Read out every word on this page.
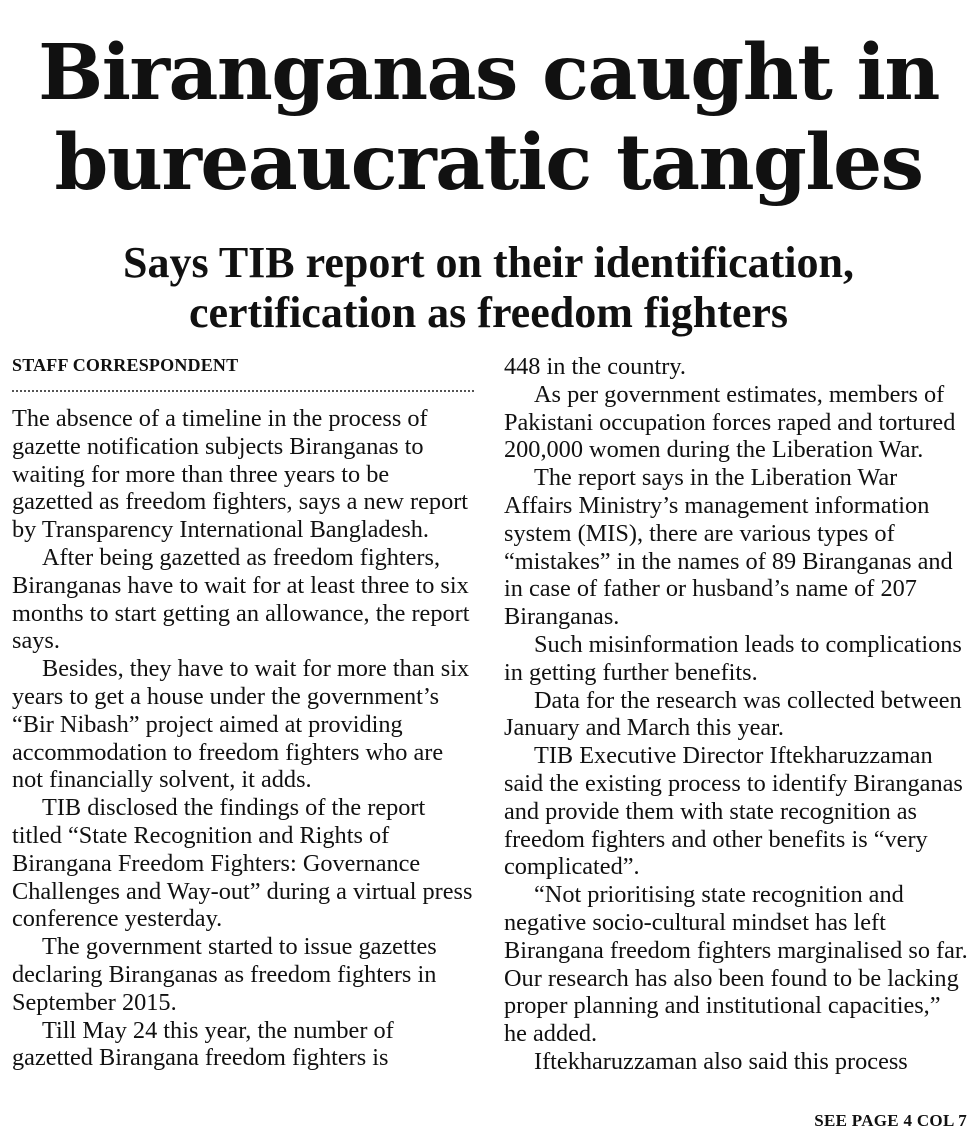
Biranganas caught in
bureaucratic tangles
Says TIB report on their identification,
certification as freedom fighters
STAFF CORRESPONDENT

The absence of a timeline in the process of gazette notification subjects Biranganas to waiting for more than three years to be gazetted as freedom fighters, says a new report by Transparency International Bangladesh.

After being gazetted as freedom fighters, Biranganas have to wait for at least three to six months to start getting an allowance, the report says.

Besides, they have to wait for more than six years to get a house under the government’s “Bir Nibash” project aimed at providing accommodation to freedom fighters who are not financially solvent, it adds.

TIB disclosed the findings of the report titled “State Recognition and Rights of Birangana Freedom Fighters: Governance Challenges and Way-out” during a virtual press conference yesterday.

The government started to issue gazettes declaring Biranganas as freedom fighters in September 2015.

Till May 24 this year, the number of gazetted Birangana freedom fighters is

448 in the country.

As per government estimates, members of Pakistani occupation forces raped and tortured 200,000 women during the Liberation War.

The report says in the Liberation War Affairs Ministry’s management information system (MIS), there are various types of “mistakes” in the names of 89 Biranganas and in case of father or husband’s name of 207 Biranganas.

Such misinformation leads to complications in getting further benefits.

Data for the research was collected between January and March this year.

TIB Executive Director Iftekharuzzaman said the existing process to identify Biranganas and provide them with state recognition as freedom fighters and other benefits is “very complicated”.

“Not prioritising state recognition and negative socio-cultural mindset has left Birangana freedom fighters marginalised so far. Our research has also been found to be lacking proper planning and institutional capacities,” he added.

Iftekharuzzaman also said this process

SEE PAGE 4 COL 7
